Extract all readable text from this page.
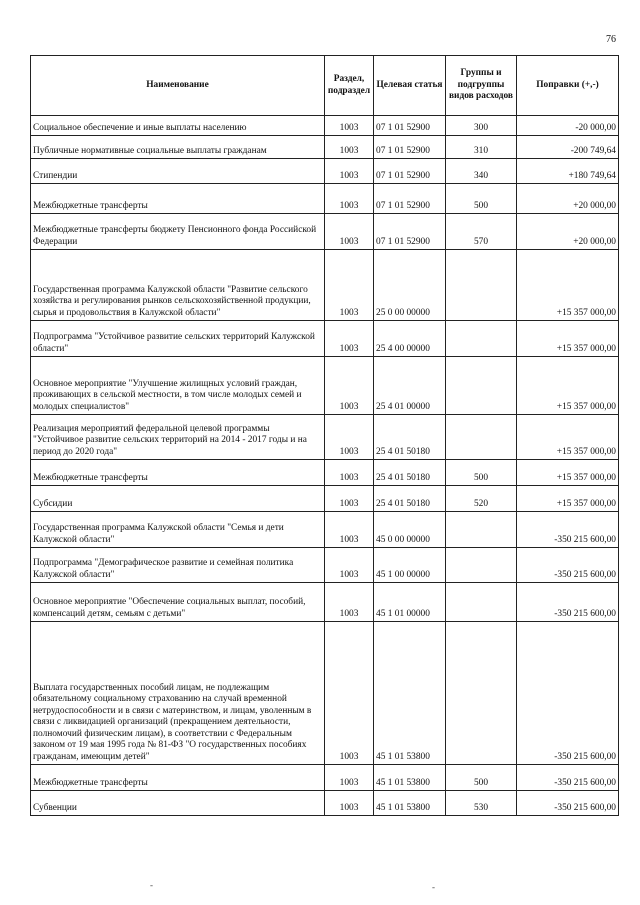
76
Наименование	Раздел, подраздел	Целевая статья	Группы и подгруппы видов расходов	Поправки (+,-)
Социальное обеспечение и иные выплаты населению	1003	07 1 01 52900	300	-20 000,00
Публичные нормативные социальные выплаты гражданам	1003	07 1 01 52900	310	-200 749,64
Стипендии	1003	07 1 01 52900	340	+180 749,64
Межбюджетные трансферты	1003	07 1 01 52900	500	+20 000,00
Межбюджетные трансферты бюджету Пенсионного фонда Российской Федерации	1003	07 1 01 52900	570	+20 000,00
Государственная программа Калужской области "Развитие сельского хозяйства и регулирования рынков сельскохозяйственной продукции, сырья и продовольствия в Калужской области"	1003	25 0 00 00000		+15 357 000,00
Подпрограмма "Устойчивое развитие сельских территорий Калужской области"	1003	25 4 00 00000		+15 357 000,00
Основное мероприятие "Улучшение жилищных условий граждан, проживающих в сельской местности, в том числе молодых семей и молодых специалистов"	1003	25 4 01 00000		+15 357 000,00
Реализация мероприятий федеральной целевой программы "Устойчивое развитие сельских территорий на 2014 - 2017 годы и на период до 2020 года"	1003	25 4 01 50180		+15 357 000,00
Межбюджетные трансферты	1003	25 4 01 50180	500	+15 357 000,00
Субсидии	1003	25 4 01 50180	520	+15 357 000,00
Государственная программа Калужской области "Семья и дети Калужской области"	1003	45 0 00 00000		-350 215 600,00
Подпрограмма "Демографическое развитие и семейная политика Калужской области"	1003	45 1 00 00000		-350 215 600,00
Основное мероприятие "Обеспечение социальных выплат, пособий, компенсаций детям, семьям с детьми"	1003	45 1 01 00000		-350 215 600,00
Выплата государственных пособий лицам, не подлежащим обязательному социальному страхованию на случай временной нетрудоспособности и в связи с материнством, и лицам, уволенным в связи с ликвидацией организаций (прекращением деятельности, полномочий физическим лицам), в соответствии с Федеральным законом от 19 мая 1995 года № 81-ФЗ "О государственных пособиях гражданам, имеющим детей"	1003	45 1 01 53800		-350 215 600,00
Межбюджетные трансферты	1003	45 1 01 53800	500	-350 215 600,00
Субвенции	1003	45 1 01 53800	530	-350 215 600,00
-	-
